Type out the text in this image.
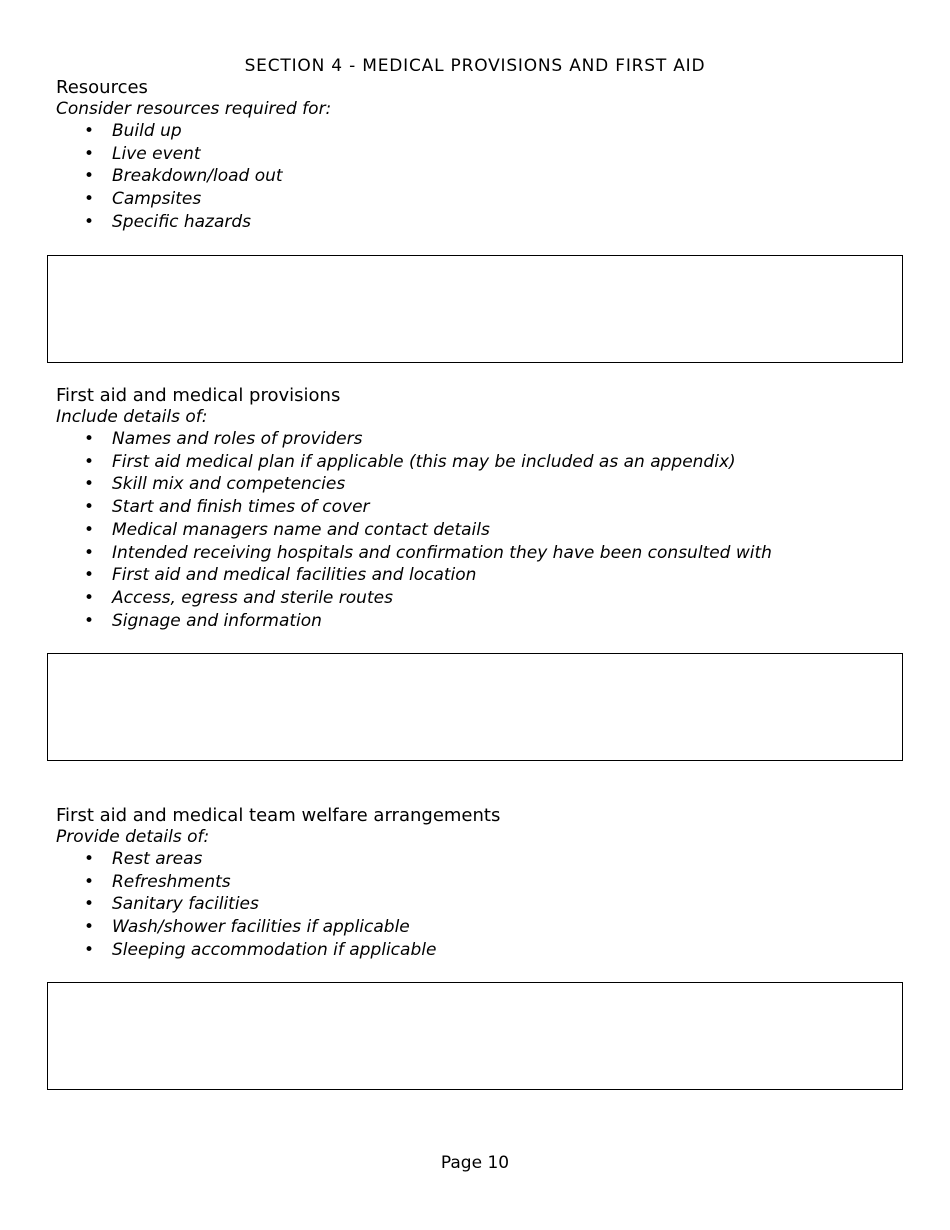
SECTION 4 - MEDICAL PROVISIONS AND FIRST AID

Resources

Consider resources required for:

• Build up
• Live event
• Breakdown/load out
• Campsites
• Specific hazards

First aid and medical provisions

Include details of:

• Names and roles of providers
• First aid medical plan if applicable (this may be included as an appendix)
• Skill mix and competencies
• Start and finish times of cover
• Medical managers name and contact details
• Intended receiving hospitals and confirmation they have been consulted with
• First aid and medical facilities and location
• Access, egress and sterile routes
• Signage and information

First aid and medical team welfare arrangements

Provide details of:

• Rest areas
• Refreshments
• Sanitary facilities
• Wash/shower facilities if applicable
• Sleeping accommodation if applicable
Page 10
